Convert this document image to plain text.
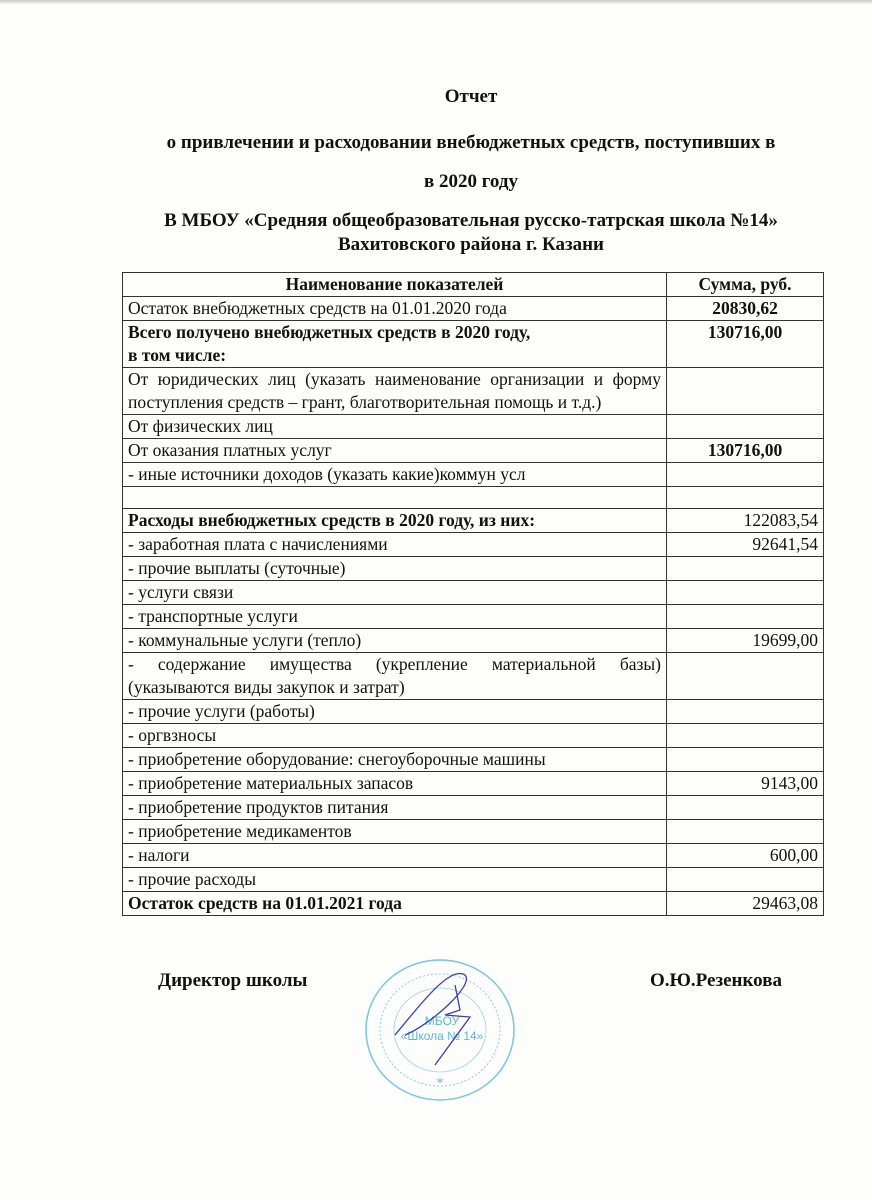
Отчет
о привлечении и расходовании внебюджетных средств, поступивших в
в 2020 году
В МБОУ «Средняя общеобразовательная русско-татрская школа №14»
Вахитовского района г. Казани
Наименование показателей	Сумма, руб.
Остаток внебюджетных средств на 01.01.2020 года	20830,62

Всего получено внебюджетных средств в 2020 году,
в том числе:	130716,00
От юридических лиц (указать наименование организации и форму поступления средств – грант, благотворительная помощь и т.д.)	
От физических лиц	
От оказания платных услуг	130716,00
- иные источники доходов (указать какие)коммун усл	

Расходы внебюджетных средств в 2020 году, из них:	122083,54
- заработная плата с начислениями	92641,54
- прочие выплаты (суточные)	
- услуги связи	
- транспортные услуги	
- коммунальные услуги (тепло)	19699,00
- содержание имущества (укрепление материальной базы) (указываются виды закупок и затрат)	
- прочие услуги (работы)	
- оргвзносы	
- приобретение оборудование: снегоуборочные машины	
- приобретение материальных запасов	9143,00
- приобретение продуктов питания	
- приобретение медикаментов	
- налоги	600,00
- прочие расходы	
Остаток средств на 01.01.2021 года	29463,08
Директор школы	О.Ю.Резенкова
МБОУ
«Школа № 14»
*
